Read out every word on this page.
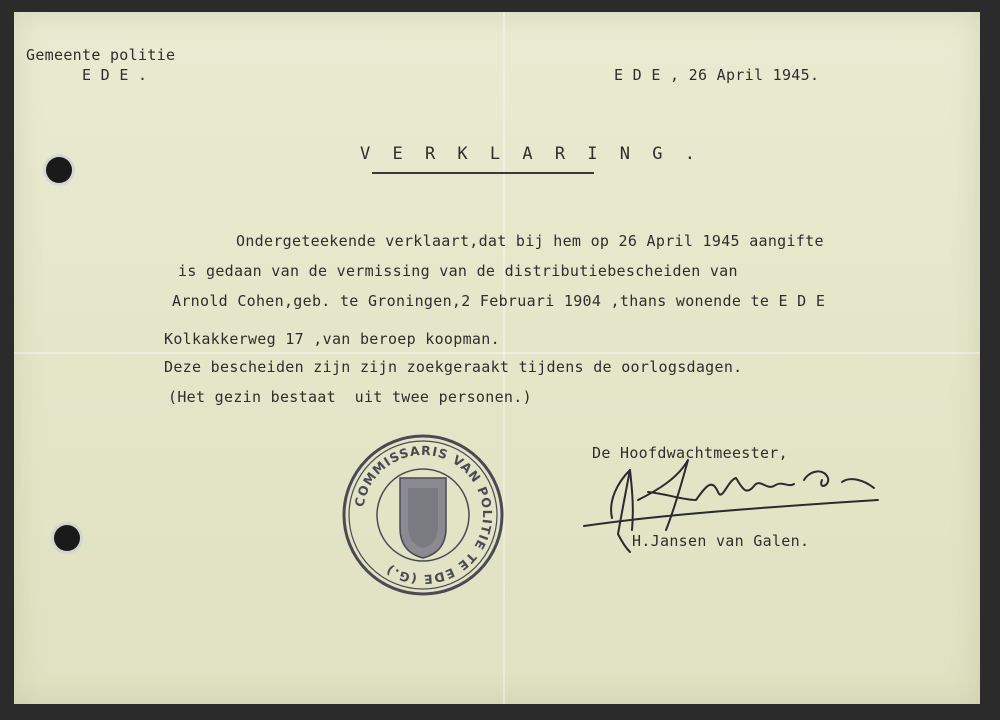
Gemeente politie
E D E .	E D E , 26 April 1945.
V E R K L A R I N G .
Ondergeteekende verklaart,dat bij hem op 26 April 1945 aangifte
is gedaan van de vermissing van de distributiebescheiden van
Arnold Cohen,geb. te Groningen,2 Februari 1904 ,thans wonende te E D E
Kolkakkerweg 17 ,van beroep koopman.
Deze bescheiden zijn zijn zoekgeraakt tijdens de oorlogsdagen.
(Het gezin bestaat  uit twee personen.)
De Hoofdwachtmeester,
H.Jansen van Galen.
COMMISSARIS VAN POLITIE TE EDE (G.)
